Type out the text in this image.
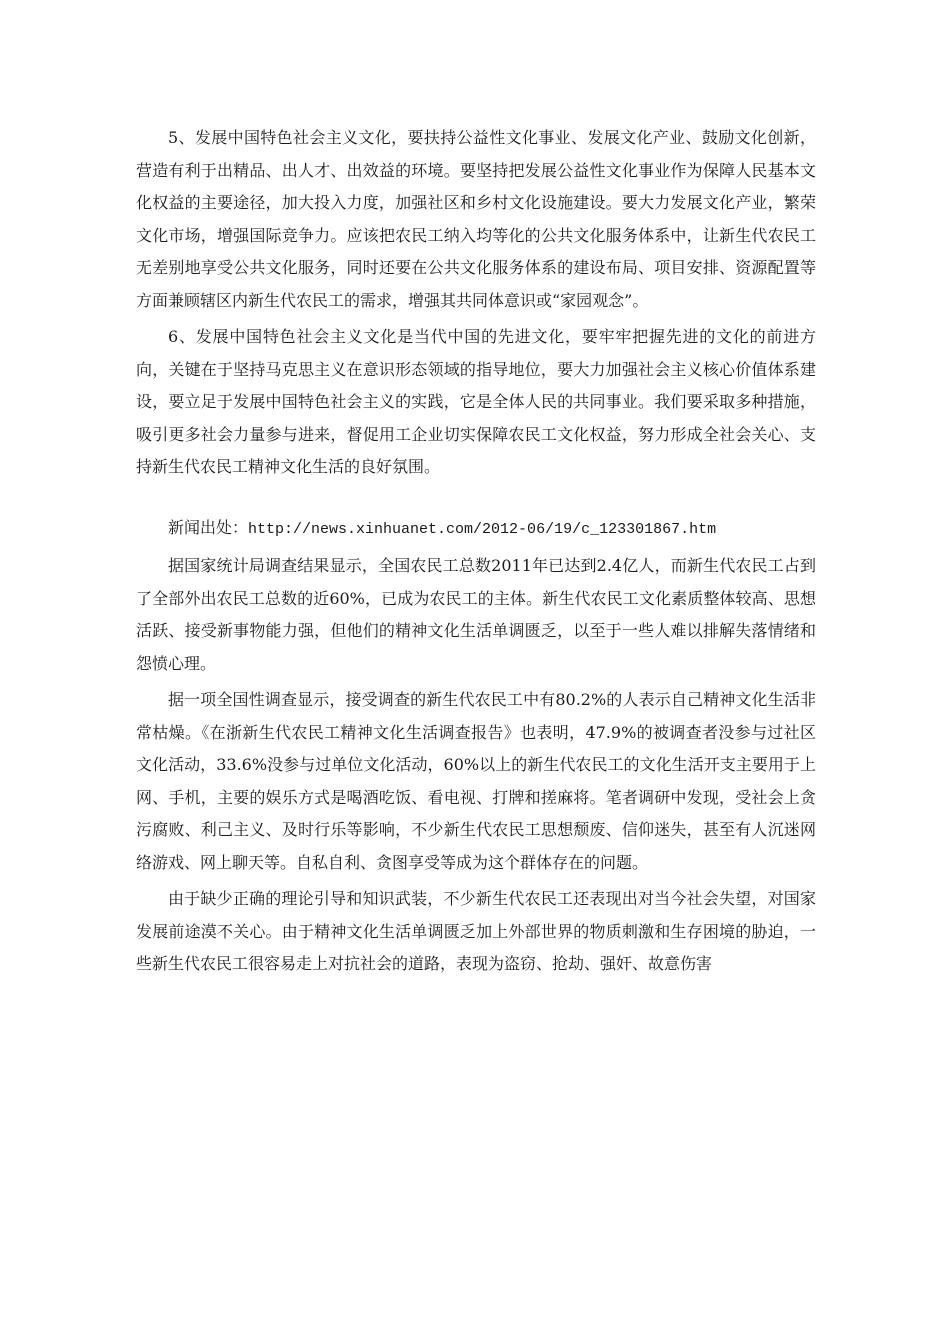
5、发展中国特色社会主义文化，要扶持公益性文化事业、发展文化产业、鼓励文化创新，营造有利于出精品、出人才、出效益的环境。要坚持把发展公益性文化事业作为保障人民基本文化权益的主要途径，加大投入力度，加强社区和乡村文化设施建设。要大力发展文化产业，繁荣文化市场，增强国际竞争力。应该把农民工纳入均等化的公共文化服务体系中，让新生代农民工无差别地享受公共文化服务，同时还要在公共文化服务体系的建设布局、项目安排、资源配置等方面兼顾辖区内新生代农民工的需求，增强其共同体意识或“家园观念”。

6、发展中国特色社会主义文化是当代中国的先进文化，要牢牢把握先进的文化的前进方向，关键在于坚持马克思主义在意识形态领域的指导地位，要大力加强社会主义核心价值体系建设，要立足于发展中国特色社会主义的实践，它是全体人民的共同事业。我们要采取多种措施，吸引更多社会力量参与进来，督促用工企业切实保障农民工文化权益，努力形成全社会关心、支持新生代农民工精神文化生活的良好氛围。

新闻出处：http://news.xinhuanet.com/2012-06/19/c_123301867.htm

据国家统计局调查结果显示，全国农民工总数2011年已达到2.4亿人，而新生代农民工占到了全部外出农民工总数的近60%，已成为农民工的主体。新生代农民工文化素质整体较高、思想活跃、接受新事物能力强，但他们的精神文化生活单调匮乏，以至于一些人难以排解失落情绪和怨愤心理。

据一项全国性调查显示，接受调查的新生代农民工中有80.2%的人表示自己精神文化生活非常枯燥。《在浙新生代农民工精神文化生活调查报告》也表明，47.9%的被调查者没参与过社区文化活动，33.6%没参与过单位文化活动，60%以上的新生代农民工的文化生活开支主要用于上网、手机，主要的娱乐方式是喝酒吃饭、看电视、打牌和搓麻将。笔者调研中发现，受社会上贪污腐败、利己主义、及时行乐等影响，不少新生代农民工思想颓废、信仰迷失，甚至有人沉迷网络游戏、网上聊天等。自私自利、贪图享受等成为这个群体存在的问题。

由于缺少正确的理论引导和知识武装，不少新生代农民工还表现出对当今社会失望，对国家发展前途漠不关心。由于精神文化生活单调匮乏加上外部世界的物质刺激和生存困境的胁迫，一些新生代农民工很容易走上对抗社会的道路，表现为盗窃、抢劫、强奸、故意伤害
